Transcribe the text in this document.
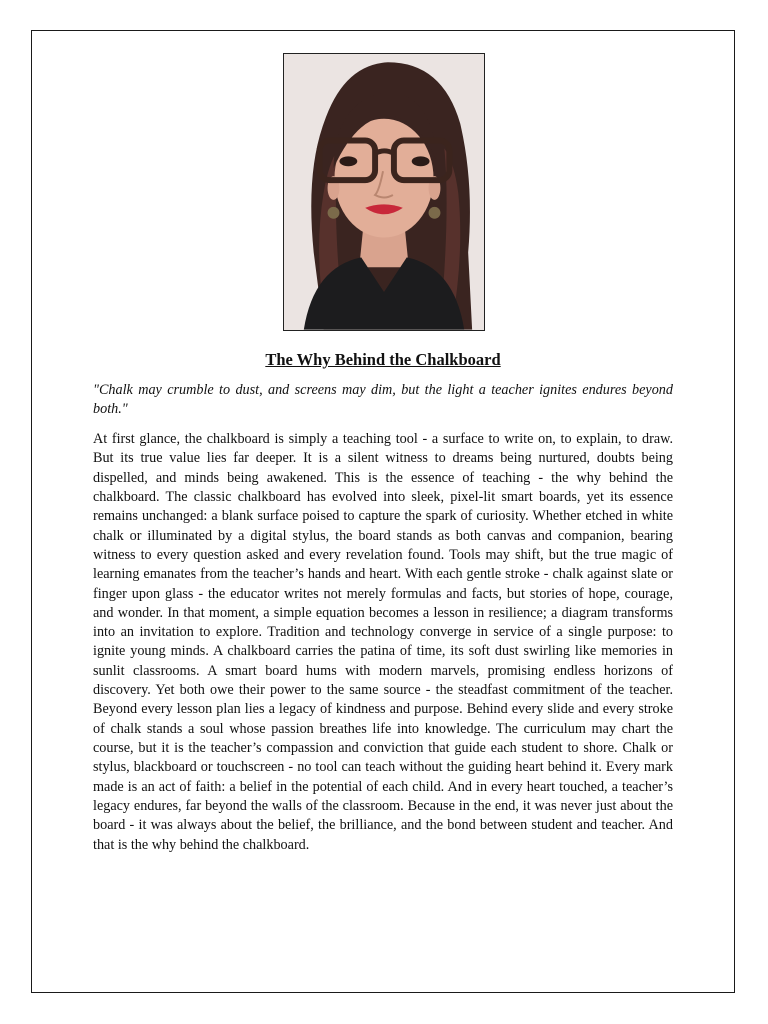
The Why Behind the Chalkboard

"Chalk may crumble to dust, and screens may dim, but the light a teacher ignites endures beyond both."

At first glance, the chalkboard is simply a teaching tool - a surface to write on, to explain, to draw. But its true value lies far deeper. It is a silent witness to dreams being nurtured, doubts being dispelled, and minds being awakened. This is the essence of teaching - the why behind the chalkboard. The classic chalkboard has evolved into sleek, pixel-lit smart boards, yet its essence remains unchanged: a blank surface poised to capture the spark of curiosity. Whether etched in white chalk or illuminated by a digital stylus, the board stands as both canvas and companion, bearing witness to every question asked and every revelation found. Tools may shift, but the true magic of learning emanates from the teacher’s hands and heart. With each gentle stroke - chalk against slate or finger upon glass - the educator writes not merely formulas and facts, but stories of hope, courage, and wonder. In that moment, a simple equation becomes a lesson in resilience; a diagram transforms into an invitation to explore. Tradition and technology converge in service of a single purpose: to ignite young minds. A chalkboard carries the patina of time, its soft dust swirling like memories in sunlit classrooms. A smart board hums with modern marvels, promising endless horizons of discovery. Yet both owe their power to the same source - the steadfast commitment of the teacher. Beyond every lesson plan lies a legacy of kindness and purpose. Behind every slide and every stroke of chalk stands a soul whose passion breathes life into knowledge. The curriculum may chart the course, but it is the teacher’s compassion and conviction that guide each student to shore. Chalk or stylus, blackboard or touchscreen - no tool can teach without the guiding heart behind it. Every mark made is an act of faith: a belief in the potential of each child. And in every heart touched, a teacher’s legacy endures, far beyond the walls of the classroom. Because in the end, it was never just about the board - it was always about the belief, the brilliance, and the bond between student and teacher. And that is the why behind the chalkboard.
